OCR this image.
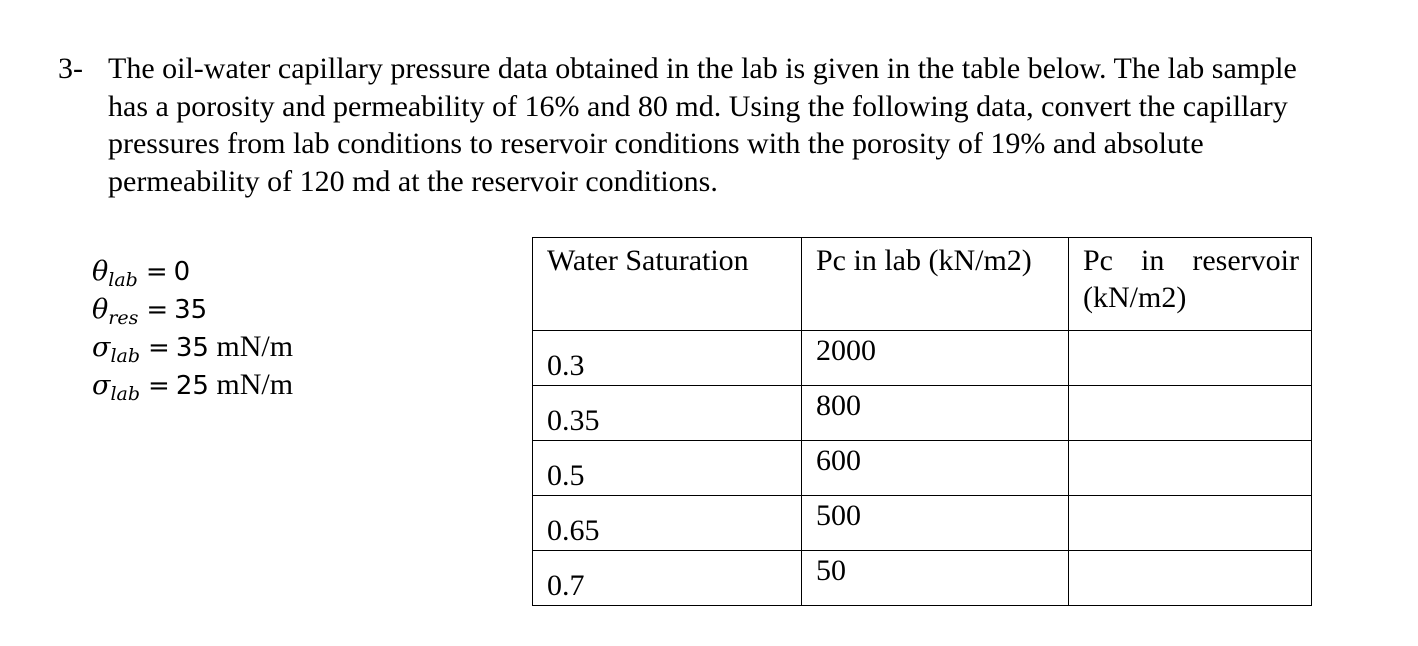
3- The oil-water capillary pressure data obtained in the lab is given in the table below. The lab sample has a porosity and permeability of 16% and 80 md. Using the following data, convert the capillary pressures from lab conditions to reservoir conditions with the porosity of 19% and absolute permeability of 120 md at the reservoir conditions.
$\theta_{lab} = 0$
$\theta_{res} = 35$
$\sigma_{lab} = 35$ mN/m
$\sigma_{lab} = 25$ mN/m
Water Saturation	Pc in lab (kN/m2)	Pc in reservoir
(kN/m2)

0.3	2000	

0.35	800	

0.5	600	

0.65	500	

0.7	50	
